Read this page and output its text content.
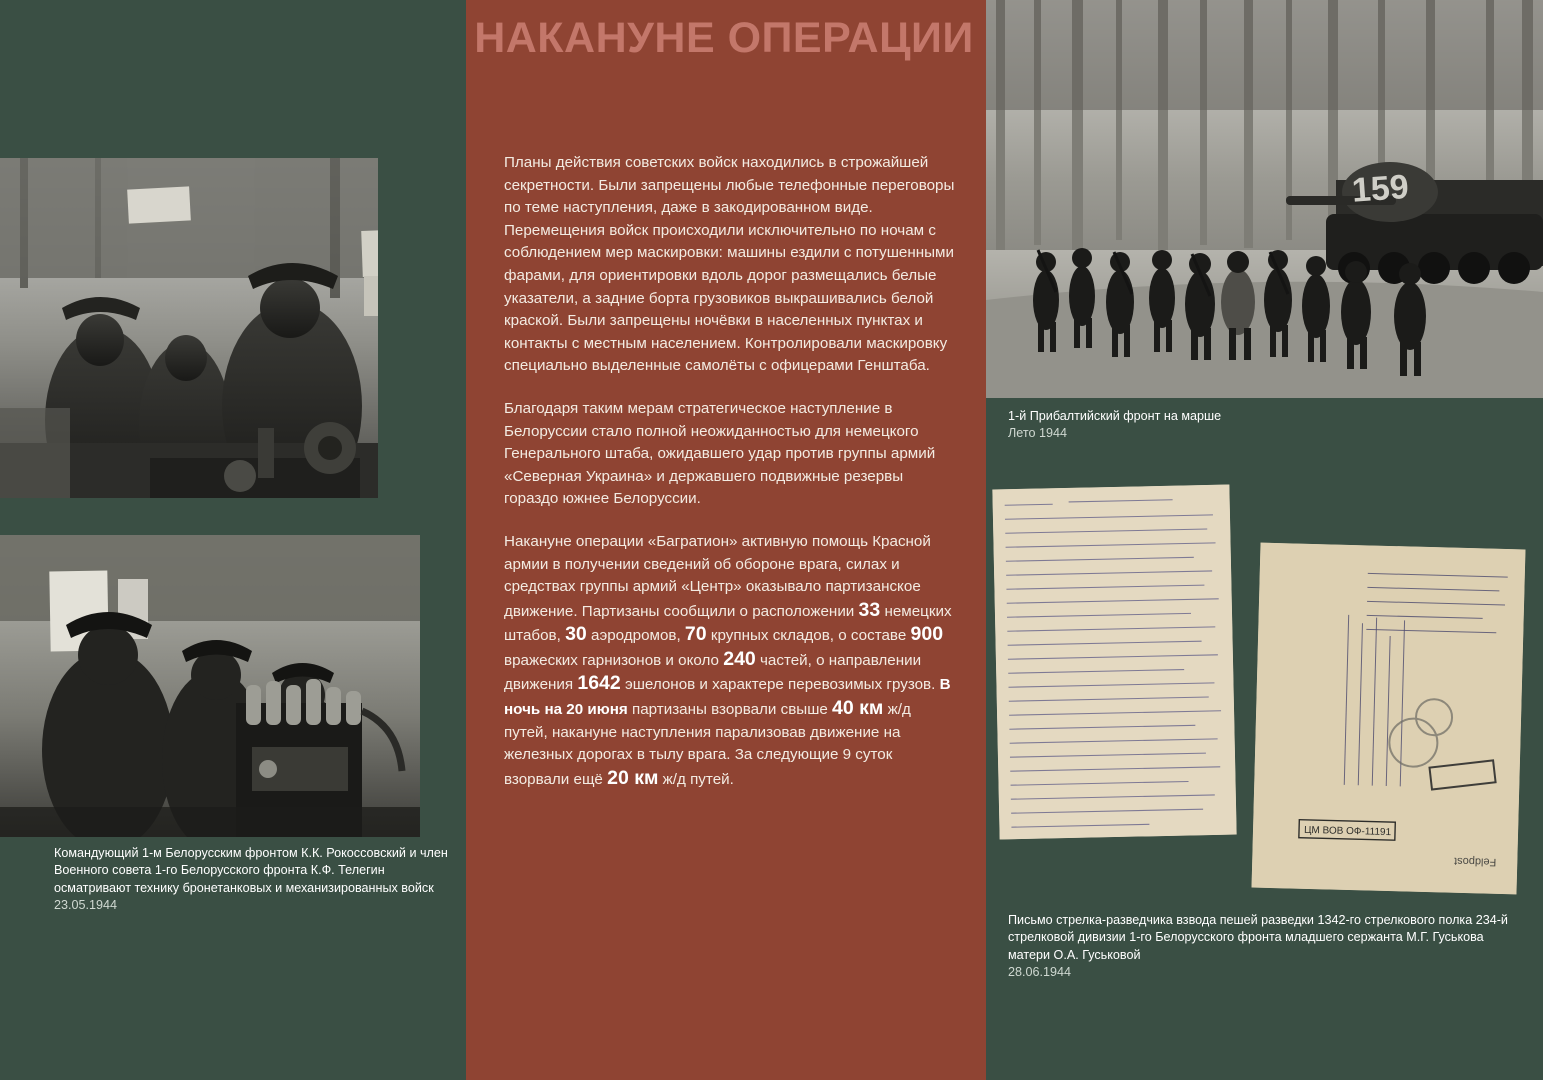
Командующий 1-м Белорусским фронтом К.К. Рокоссовский и член Военного совета 1-го Белорусского фронта К.Ф. Телегин осматривают технику бронетанковых и механизированных войск
23.05.1944
НАКАНУНЕ ОПЕРАЦИИ

Планы действия советских войск находились в строжайшей секретности. Были запрещены любые телефонные переговоры по теме наступления, даже в закодированном виде. Перемещения войск происходили исключительно по ночам с соблюдением мер маскировки: машины ездили с потушенными фарами, для ориентировки вдоль дорог размещались белые указатели, а задние борта грузовиков выкрашивались белой краской. Были запрещены ночёвки в населенных пунктах и контакты с местным населением. Контролировали маскировку специально выделенные самолёты с офицерами Генштаба.

Благодаря таким мерам стратегическое наступление в Белоруссии стало полной неожиданностью для немецкого Генерального штаба, ожидавшего удар против группы армий «Северная Украина» и державшего подвижные резервы гораздо южнее Белоруссии.

Накануне операции «Багратион» активную помощь Красной армии в получении сведений об обороне врага, силах и средствах группы армий «Центр» оказывало партизанское движение. Партизаны сообщили о расположении 33 немецких штабов, 30 аэродромов, 70 крупных складов, о составе 900 вражеских гарнизонов и около 240 частей, о направлении движения 1642 эшелонов и характере перевозимых грузов. В ночь на 20 июня партизаны взорвали свыше 40 км ж/д путей, накануне наступления парализовав движение на железных дорогах в тылу врага. За следующие 9 суток взорвали ещё 20 км ж/д путей.

159
1-й Прибалтийский фронт на марше
Лето 1944
ЦМ ВОВ ОФ-11191
Feldpost
Письмо стрелка-разведчика взвода пешей разведки 1342-го стрелкового полка 234-й стрелковой дивизии 1-го Белорусского фронта младшего сержанта М.Г. Гуськова матери О.А. Гуськовой
28.06.1944
